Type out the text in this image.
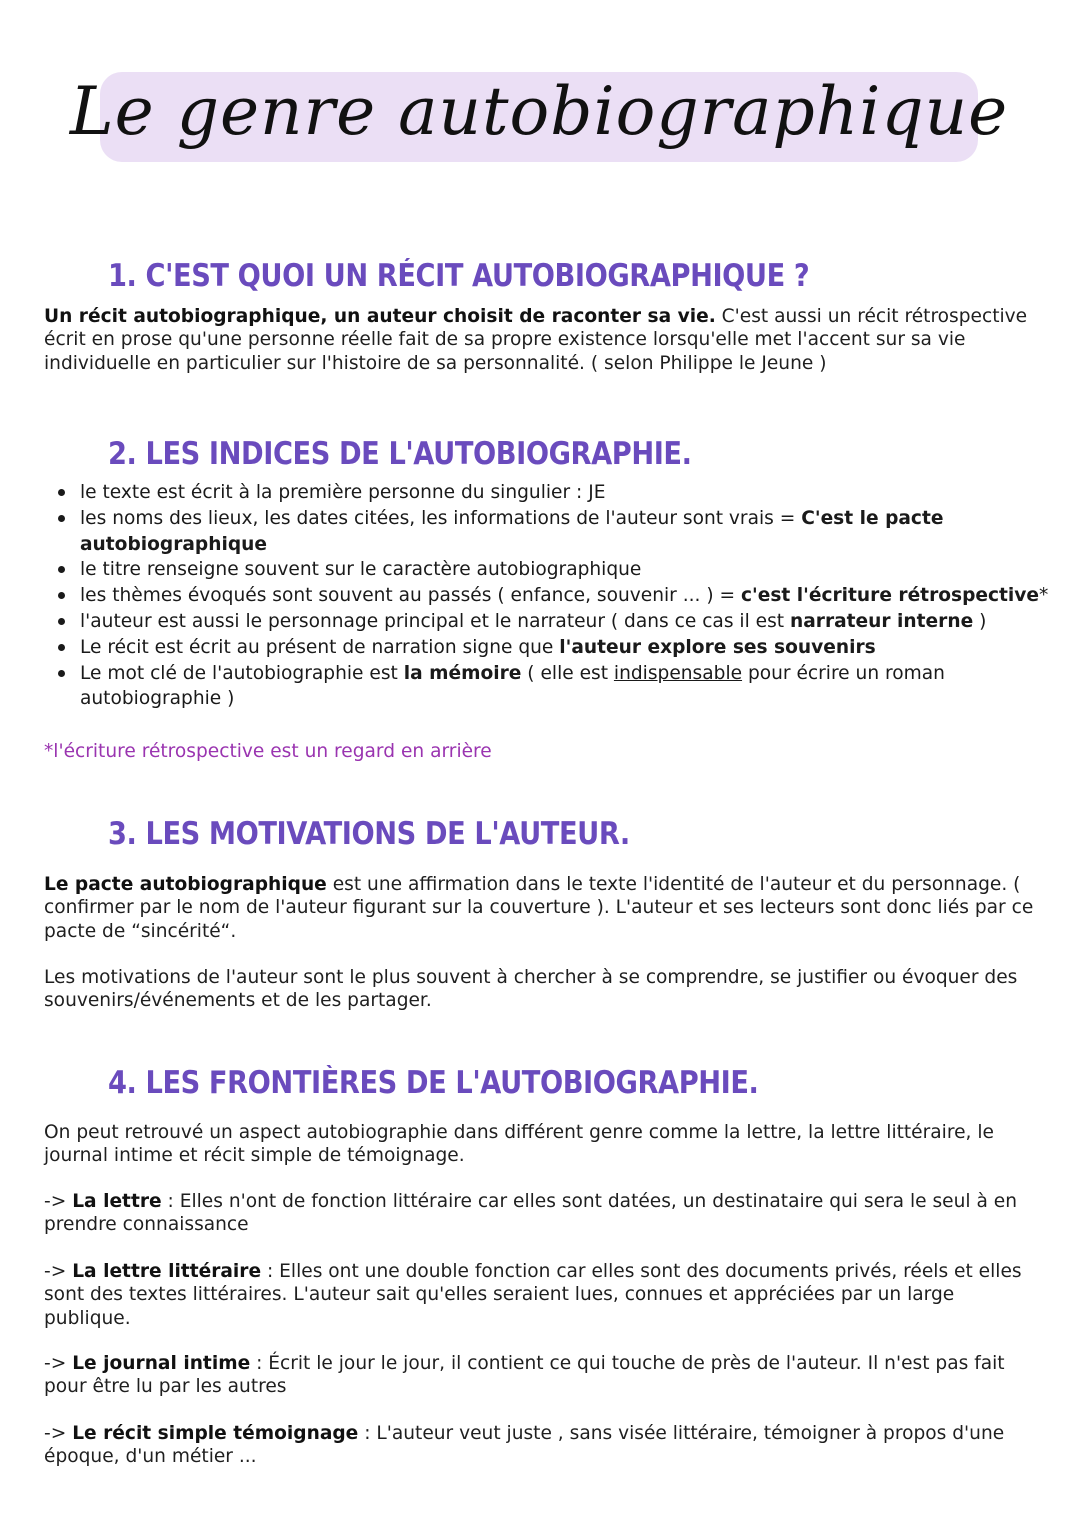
Le genre autobiographique
1. C'EST QUOI UN RÉCIT AUTOBIOGRAPHIQUE ?
Un récit autobiographique, un auteur choisit de raconter sa vie. C'est aussi un récit rétrospective écrit en prose qu'une personne réelle fait de sa propre existence lorsqu'elle met l'accent sur sa vie individuelle en particulier sur l'histoire de sa personnalité. ( selon Philippe le Jeune )
2. LES INDICES DE L'AUTOBIOGRAPHIE.
le texte est écrit à la première personne du singulier : JE
les noms des lieux, les dates citées, les informations de l'auteur sont vrais = C'est le pacte autobiographique
le titre renseigne souvent sur le caractère autobiographique
les thèmes évoqués sont souvent au passés ( enfance, souvenir ... ) = c'est l'écriture rétrospective*
l'auteur est aussi le personnage principal et le narrateur ( dans ce cas il est narrateur interne )
Le récit est écrit au présent de narration signe que l'auteur explore ses souvenirs
Le mot clé de l'autobiographie est la mémoire ( elle est indispensable pour écrire un roman autobiographie )
*l'écriture rétrospective est un regard en arrière
3. LES MOTIVATIONS DE L'AUTEUR.
Le pacte autobiographique est une affirmation dans le texte l'identité de l'auteur et du personnage. ( confirmer par le nom de l'auteur figurant sur la couverture ). L'auteur et ses lecteurs sont donc liés par ce pacte de “sincérité“.
Les motivations de l'auteur sont le plus souvent à chercher à se comprendre, se justifier ou évoquer des souvenirs/événements et de les partager.
4. LES FRONTIÈRES DE L'AUTOBIOGRAPHIE.
On peut retrouvé un aspect autobiographie dans différent genre comme la lettre, la lettre littéraire, le journal intime et récit simple de témoignage.
-> La lettre : Elles n'ont de fonction littéraire car elles sont datées, un destinataire qui sera le seul à en prendre connaissance
-> La lettre littéraire : Elles ont une double fonction car elles sont des documents privés, réels et elles sont des textes littéraires. L'auteur sait qu'elles seraient lues, connues et appréciées par un large publique.
-> Le journal intime : Écrit le jour le jour, il contient ce qui touche de près de l'auteur. Il n'est pas fait pour être lu par les autres
-> Le récit simple témoignage : L'auteur veut juste , sans visée littéraire, témoigner à propos d'une époque, d'un métier ...
